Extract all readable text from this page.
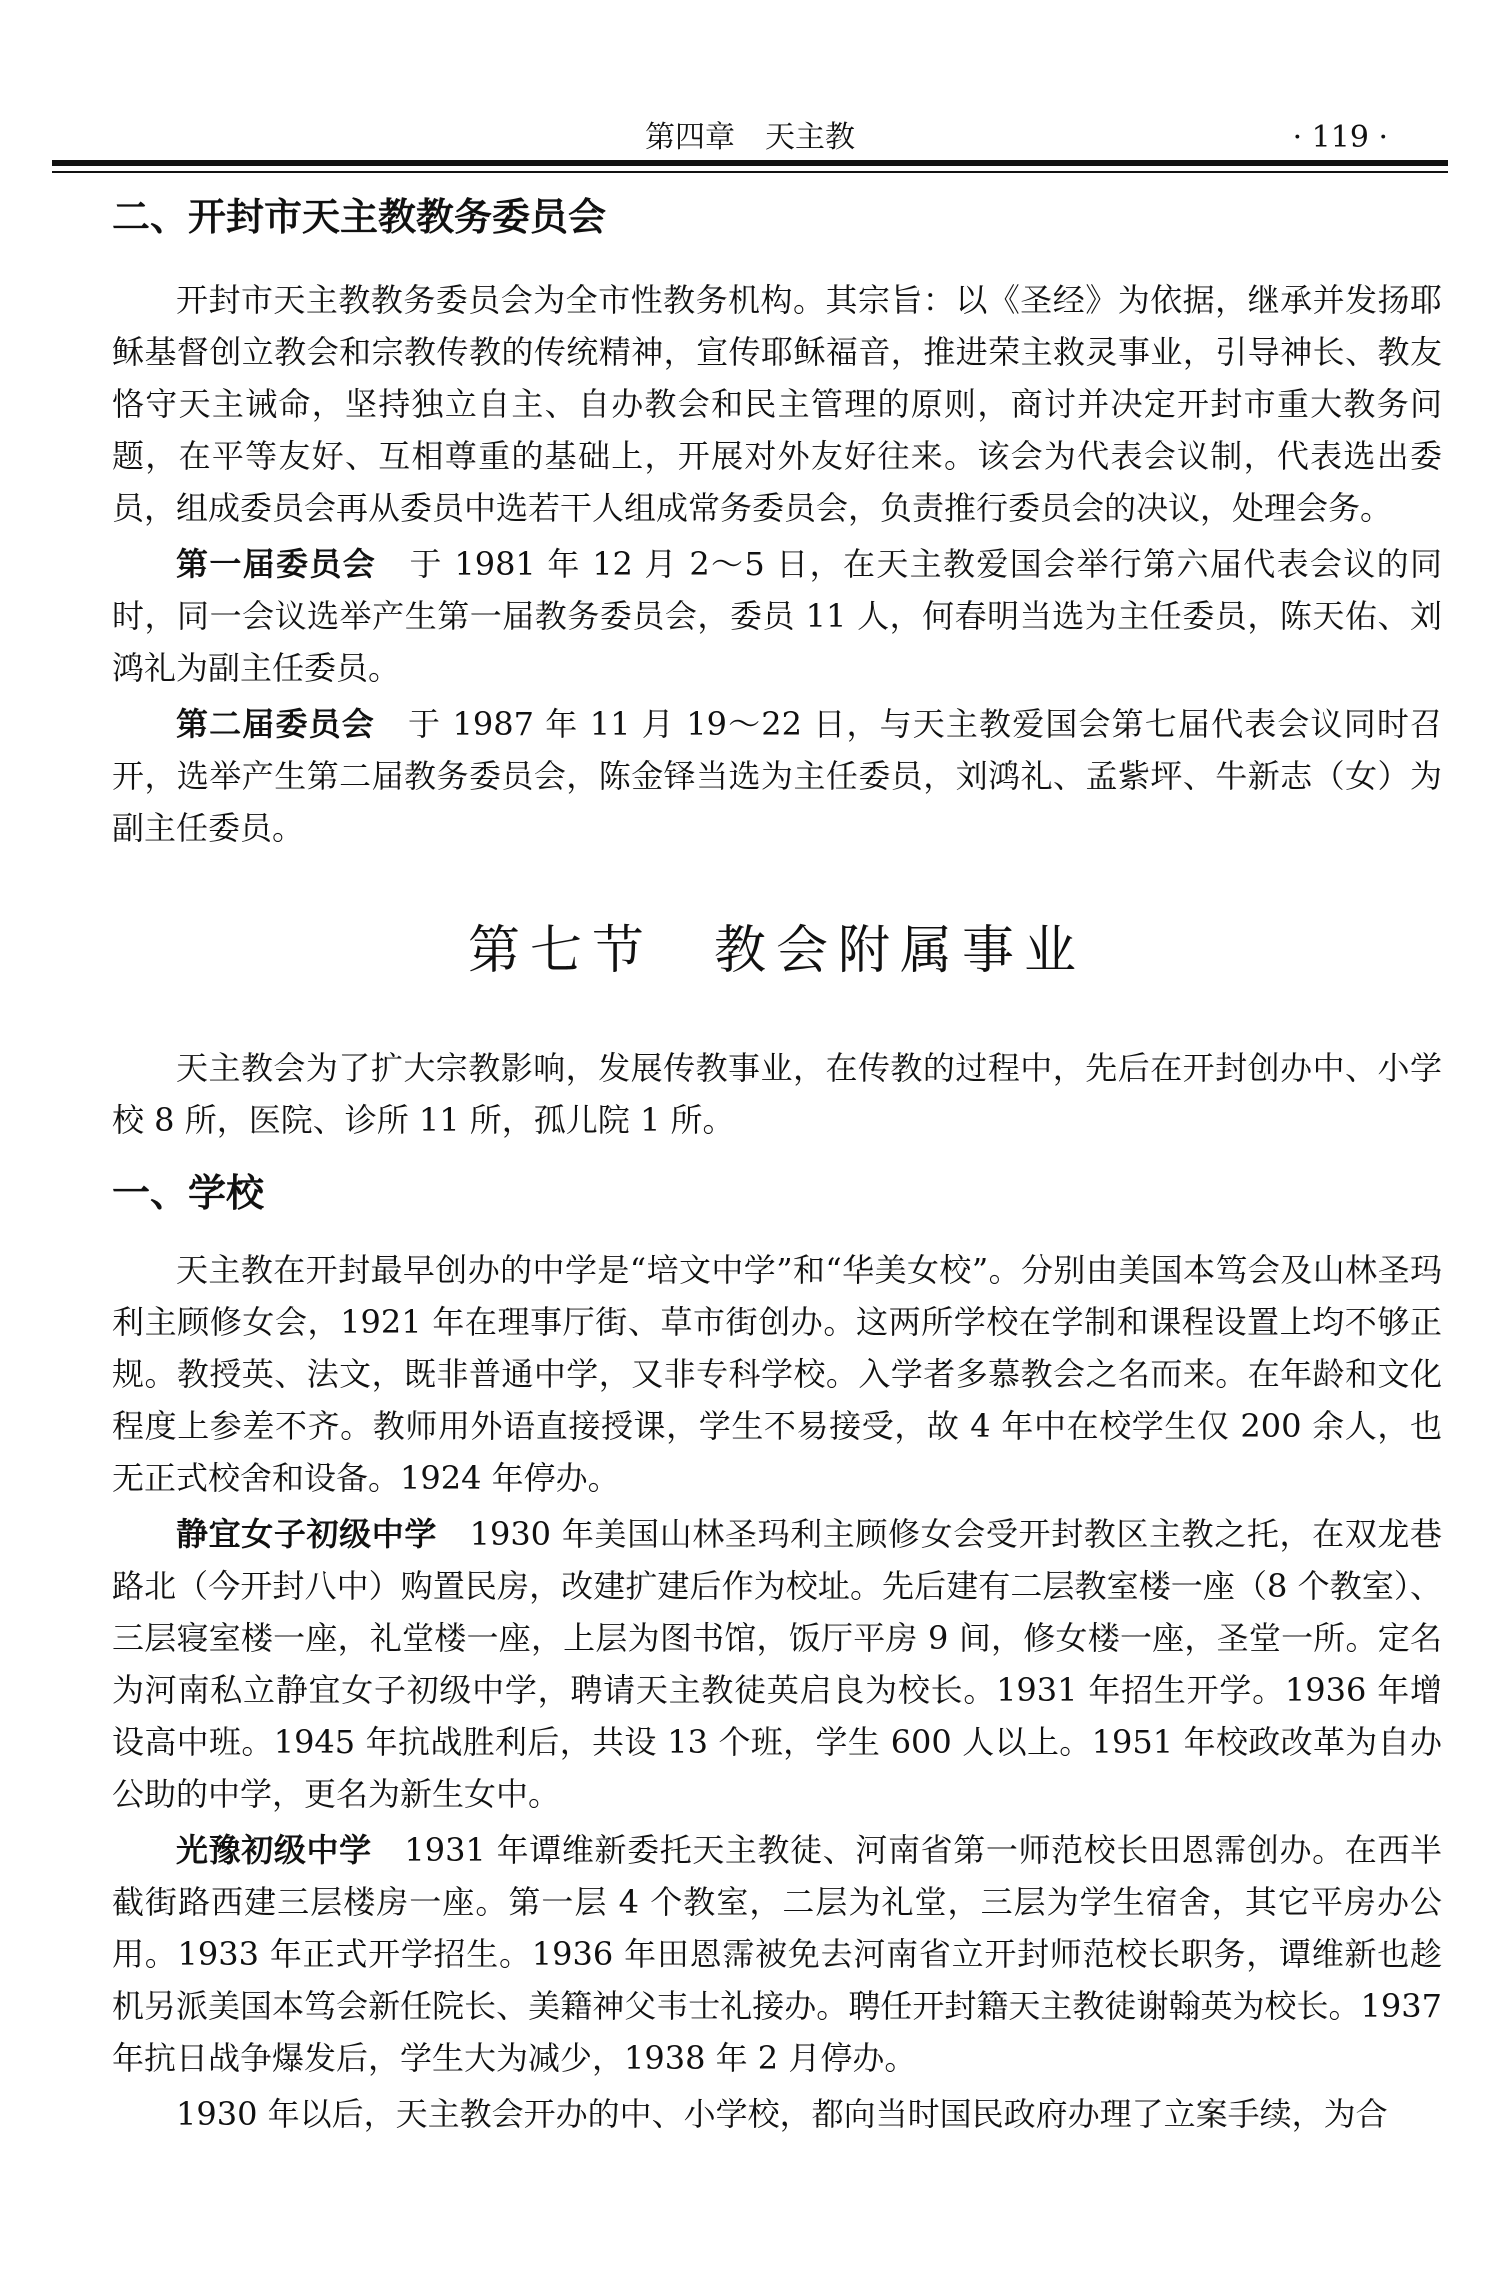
第四章　天主教	· 119 ·
二、开封市天主教教务委员会

开封市天主教教务委员会为全市性教务机构。其宗旨：以《圣经》为依据，继承并发扬耶稣基督创立教会和宗教传教的传统精神，宣传耶稣福音，推进荣主救灵事业，引导神长、教友恪守天主诫命，坚持独立自主、自办教会和民主管理的原则，商讨并决定开封市重大教务问题，在平等友好、互相尊重的基础上，开展对外友好往来。该会为代表会议制，代表选出委员，组成委员会再从委员中选若干人组成常务委员会，负责推行委员会的决议，处理会务。

第一届委员会　于 1981 年 12 月 2～5 日，在天主教爱国会举行第六届代表会议的同时，同一会议选举产生第一届教务委员会，委员 11 人，何春明当选为主任委员，陈天佑、刘鸿礼为副主任委员。

第二届委员会　于 1987 年 11 月 19～22 日，与天主教爱国会第七届代表会议同时召开，选举产生第二届教务委员会，陈金铎当选为主任委员，刘鸿礼、孟紫坪、牛新志（女）为副主任委员。

第七节 教会附属事业

天主教会为了扩大宗教影响，发展传教事业，在传教的过程中，先后在开封创办中、小学校 8 所，医院、诊所 11 所，孤儿院 1 所。

一、学校

天主教在开封最早创办的中学是“培文中学”和“华美女校”。分别由美国本笃会及山林圣玛利主顾修女会，1921 年在理事厅街、草市街创办。这两所学校在学制和课程设置上均不够正规。教授英、法文，既非普通中学，又非专科学校。入学者多慕教会之名而来。在年龄和文化程度上参差不齐。教师用外语直接授课，学生不易接受，故 4 年中在校学生仅 200 余人，也无正式校舍和设备。1924 年停办。

静宜女子初级中学　1930 年美国山林圣玛利主顾修女会受开封教区主教之托，在双龙巷路北（今开封八中）购置民房，改建扩建后作为校址。先后建有二层教室楼一座（8 个教室）、三层寝室楼一座，礼堂楼一座，上层为图书馆，饭厅平房 9 间，修女楼一座，圣堂一所。定名为河南私立静宜女子初级中学，聘请天主教徒英启良为校长。1931 年招生开学。1936 年增设高中班。1945 年抗战胜利后，共设 13 个班，学生 600 人以上。1951 年校政改革为自办公助的中学，更名为新生女中。

光豫初级中学　1931 年谭维新委托天主教徒、河南省第一师范校长田恩霈创办。在西半截街路西建三层楼房一座。第一层 4 个教室，二层为礼堂，三层为学生宿舍，其它平房办公用。1933 年正式开学招生。1936 年田恩霈被免去河南省立开封师范校长职务，谭维新也趁机另派美国本笃会新任院长、美籍神父韦士礼接办。聘任开封籍天主教徒谢翰英为校长。1937 年抗日战争爆发后，学生大为减少，1938 年 2 月停办。

1930 年以后，天主教会开办的中、小学校，都向当时国民政府办理了立案手续，为合
